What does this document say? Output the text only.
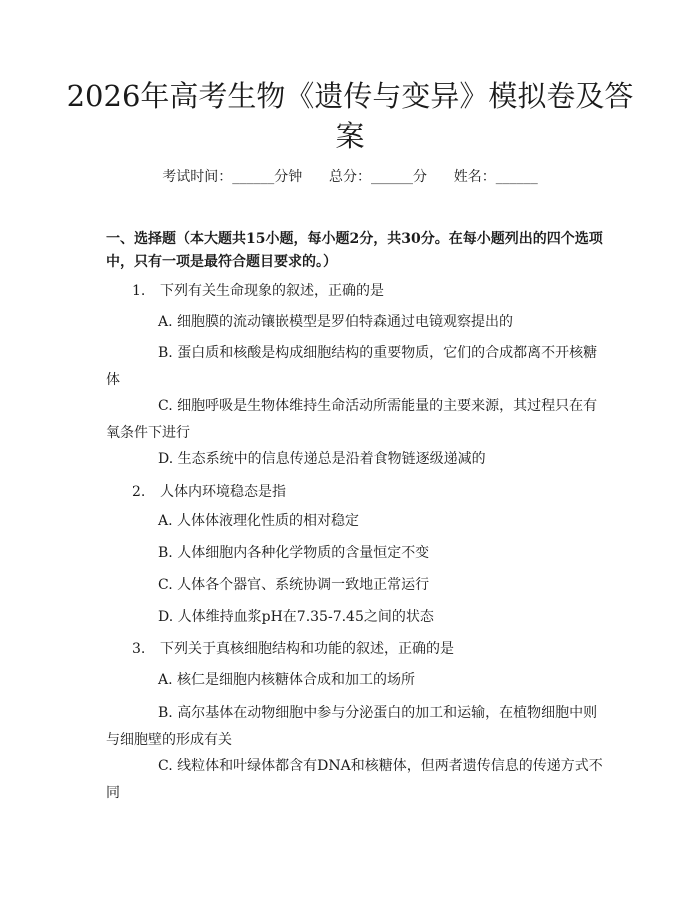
2026年高考生物《遗传与变异》模拟卷及答案
考试时间：______分钟      总分：______分      姓名：______

一、选择题（本大题共15小题，每小题2分，共30分。在每小题列出的四个选项中，只有一项是最符合题目要求的。）

1. 下列有关生命现象的叙述，正确的是

A. 细胞膜的流动镶嵌模型是罗伯特森通过电镜观察提出的

B. 蛋白质和核酸是构成细胞结构的重要物质，它们的合成都离不开核糖体

C. 细胞呼吸是生物体维持生命活动所需能量的主要来源，其过程只在有氧条件下进行

D. 生态系统中的信息传递总是沿着食物链逐级递减的

2. 人体内环境稳态是指

A. 人体体液理化性质的相对稳定

B. 人体细胞内各种化学物质的含量恒定不变

C. 人体各个器官、系统协调一致地正常运行

D. 人体维持血浆pH在7.35-7.45之间的状态

3. 下列关于真核细胞结构和功能的叙述，正确的是

A. 核仁是细胞内核糖体合成和加工的场所

B. 高尔基体在动物细胞中参与分泌蛋白的加工和运输，在植物细胞中则与细胞壁的形成有关

C. 线粒体和叶绿体都含有DNA和核糖体，但两者遗传信息的传递方式不同
